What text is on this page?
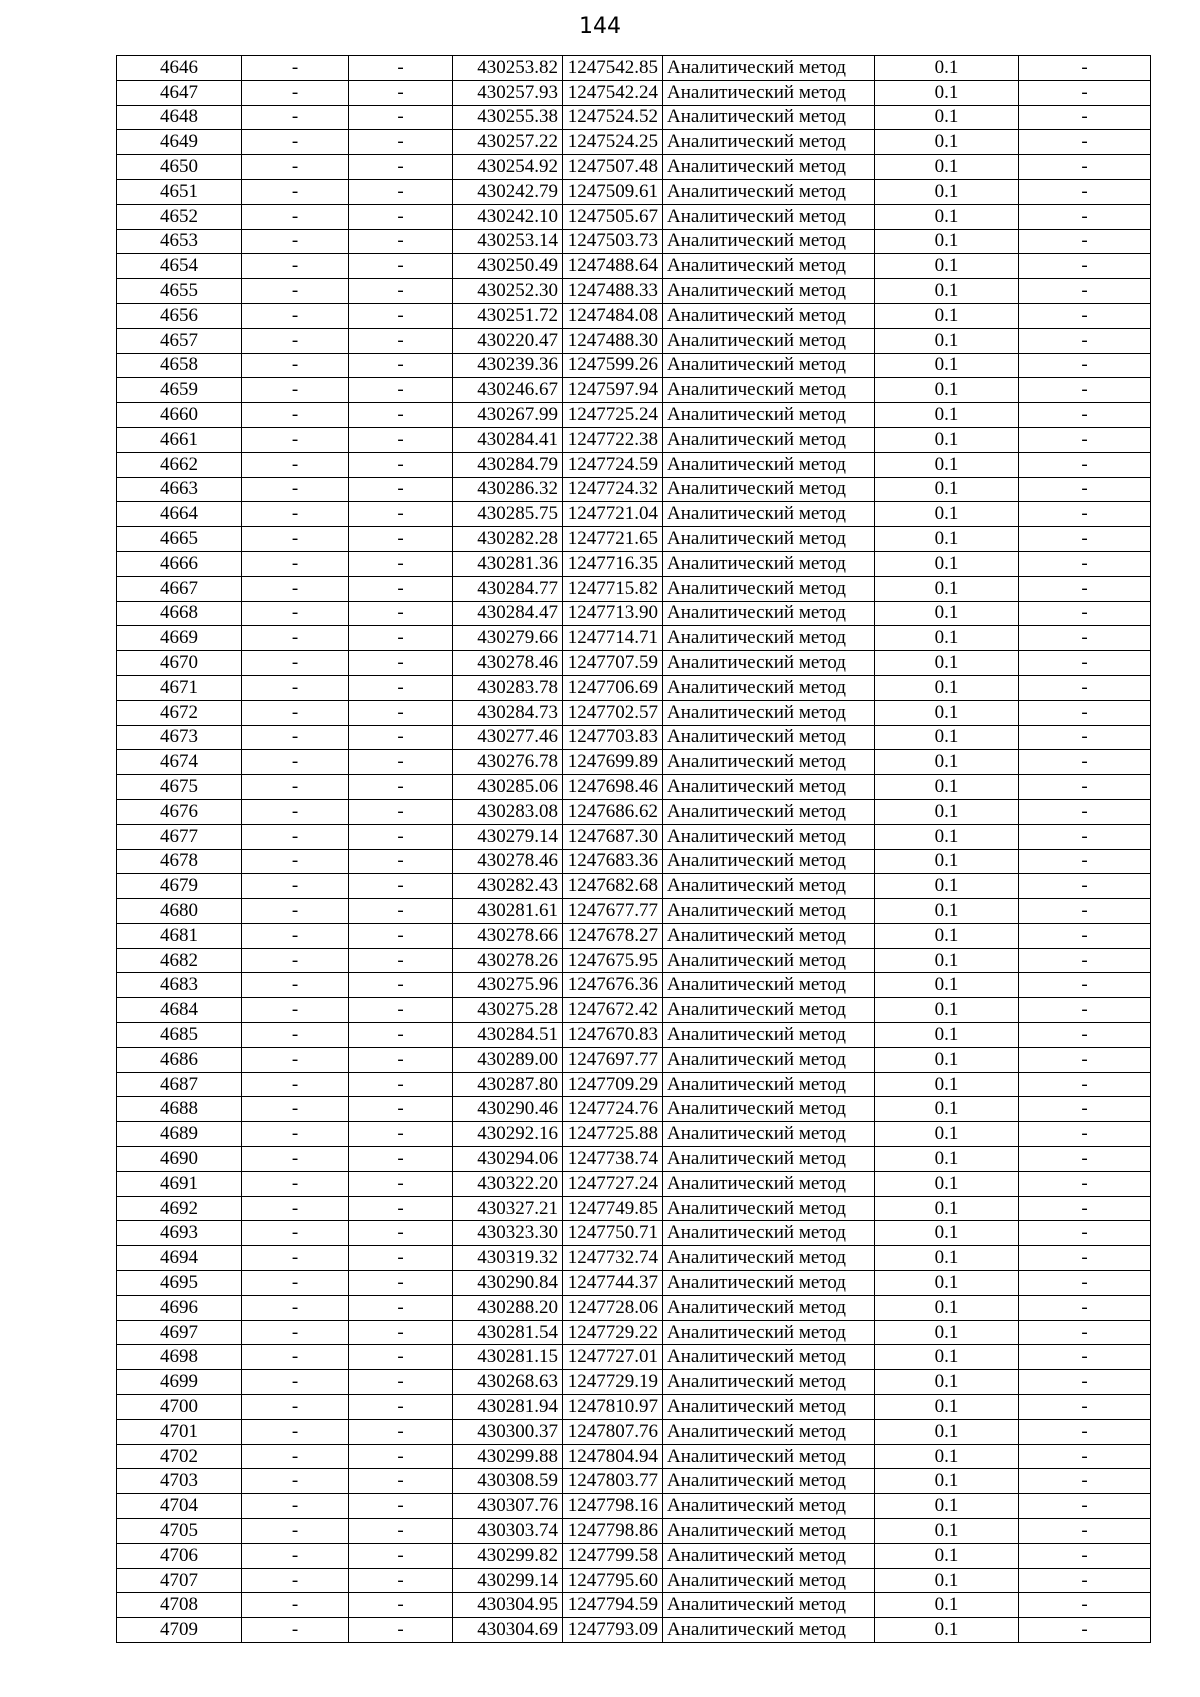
144
4646	-	-	430253.82	1247542.85	Аналитический метод	0.1	-
4647	-	-	430257.93	1247542.24	Аналитический метод	0.1	-
4648	-	-	430255.38	1247524.52	Аналитический метод	0.1	-
4649	-	-	430257.22	1247524.25	Аналитический метод	0.1	-
4650	-	-	430254.92	1247507.48	Аналитический метод	0.1	-
4651	-	-	430242.79	1247509.61	Аналитический метод	0.1	-
4652	-	-	430242.10	1247505.67	Аналитический метод	0.1	-
4653	-	-	430253.14	1247503.73	Аналитический метод	0.1	-
4654	-	-	430250.49	1247488.64	Аналитический метод	0.1	-
4655	-	-	430252.30	1247488.33	Аналитический метод	0.1	-
4656	-	-	430251.72	1247484.08	Аналитический метод	0.1	-
4657	-	-	430220.47	1247488.30	Аналитический метод	0.1	-
4658	-	-	430239.36	1247599.26	Аналитический метод	0.1	-
4659	-	-	430246.67	1247597.94	Аналитический метод	0.1	-
4660	-	-	430267.99	1247725.24	Аналитический метод	0.1	-
4661	-	-	430284.41	1247722.38	Аналитический метод	0.1	-
4662	-	-	430284.79	1247724.59	Аналитический метод	0.1	-
4663	-	-	430286.32	1247724.32	Аналитический метод	0.1	-
4664	-	-	430285.75	1247721.04	Аналитический метод	0.1	-
4665	-	-	430282.28	1247721.65	Аналитический метод	0.1	-
4666	-	-	430281.36	1247716.35	Аналитический метод	0.1	-
4667	-	-	430284.77	1247715.82	Аналитический метод	0.1	-
4668	-	-	430284.47	1247713.90	Аналитический метод	0.1	-
4669	-	-	430279.66	1247714.71	Аналитический метод	0.1	-
4670	-	-	430278.46	1247707.59	Аналитический метод	0.1	-
4671	-	-	430283.78	1247706.69	Аналитический метод	0.1	-
4672	-	-	430284.73	1247702.57	Аналитический метод	0.1	-
4673	-	-	430277.46	1247703.83	Аналитический метод	0.1	-
4674	-	-	430276.78	1247699.89	Аналитический метод	0.1	-
4675	-	-	430285.06	1247698.46	Аналитический метод	0.1	-
4676	-	-	430283.08	1247686.62	Аналитический метод	0.1	-
4677	-	-	430279.14	1247687.30	Аналитический метод	0.1	-
4678	-	-	430278.46	1247683.36	Аналитический метод	0.1	-
4679	-	-	430282.43	1247682.68	Аналитический метод	0.1	-
4680	-	-	430281.61	1247677.77	Аналитический метод	0.1	-
4681	-	-	430278.66	1247678.27	Аналитический метод	0.1	-
4682	-	-	430278.26	1247675.95	Аналитический метод	0.1	-
4683	-	-	430275.96	1247676.36	Аналитический метод	0.1	-
4684	-	-	430275.28	1247672.42	Аналитический метод	0.1	-
4685	-	-	430284.51	1247670.83	Аналитический метод	0.1	-
4686	-	-	430289.00	1247697.77	Аналитический метод	0.1	-
4687	-	-	430287.80	1247709.29	Аналитический метод	0.1	-
4688	-	-	430290.46	1247724.76	Аналитический метод	0.1	-
4689	-	-	430292.16	1247725.88	Аналитический метод	0.1	-
4690	-	-	430294.06	1247738.74	Аналитический метод	0.1	-
4691	-	-	430322.20	1247727.24	Аналитический метод	0.1	-
4692	-	-	430327.21	1247749.85	Аналитический метод	0.1	-
4693	-	-	430323.30	1247750.71	Аналитический метод	0.1	-
4694	-	-	430319.32	1247732.74	Аналитический метод	0.1	-
4695	-	-	430290.84	1247744.37	Аналитический метод	0.1	-
4696	-	-	430288.20	1247728.06	Аналитический метод	0.1	-
4697	-	-	430281.54	1247729.22	Аналитический метод	0.1	-
4698	-	-	430281.15	1247727.01	Аналитический метод	0.1	-
4699	-	-	430268.63	1247729.19	Аналитический метод	0.1	-
4700	-	-	430281.94	1247810.97	Аналитический метод	0.1	-
4701	-	-	430300.37	1247807.76	Аналитический метод	0.1	-
4702	-	-	430299.88	1247804.94	Аналитический метод	0.1	-
4703	-	-	430308.59	1247803.77	Аналитический метод	0.1	-
4704	-	-	430307.76	1247798.16	Аналитический метод	0.1	-
4705	-	-	430303.74	1247798.86	Аналитический метод	0.1	-
4706	-	-	430299.82	1247799.58	Аналитический метод	0.1	-
4707	-	-	430299.14	1247795.60	Аналитический метод	0.1	-
4708	-	-	430304.95	1247794.59	Аналитический метод	0.1	-
4709	-	-	430304.69	1247793.09	Аналитический метод	0.1	-
